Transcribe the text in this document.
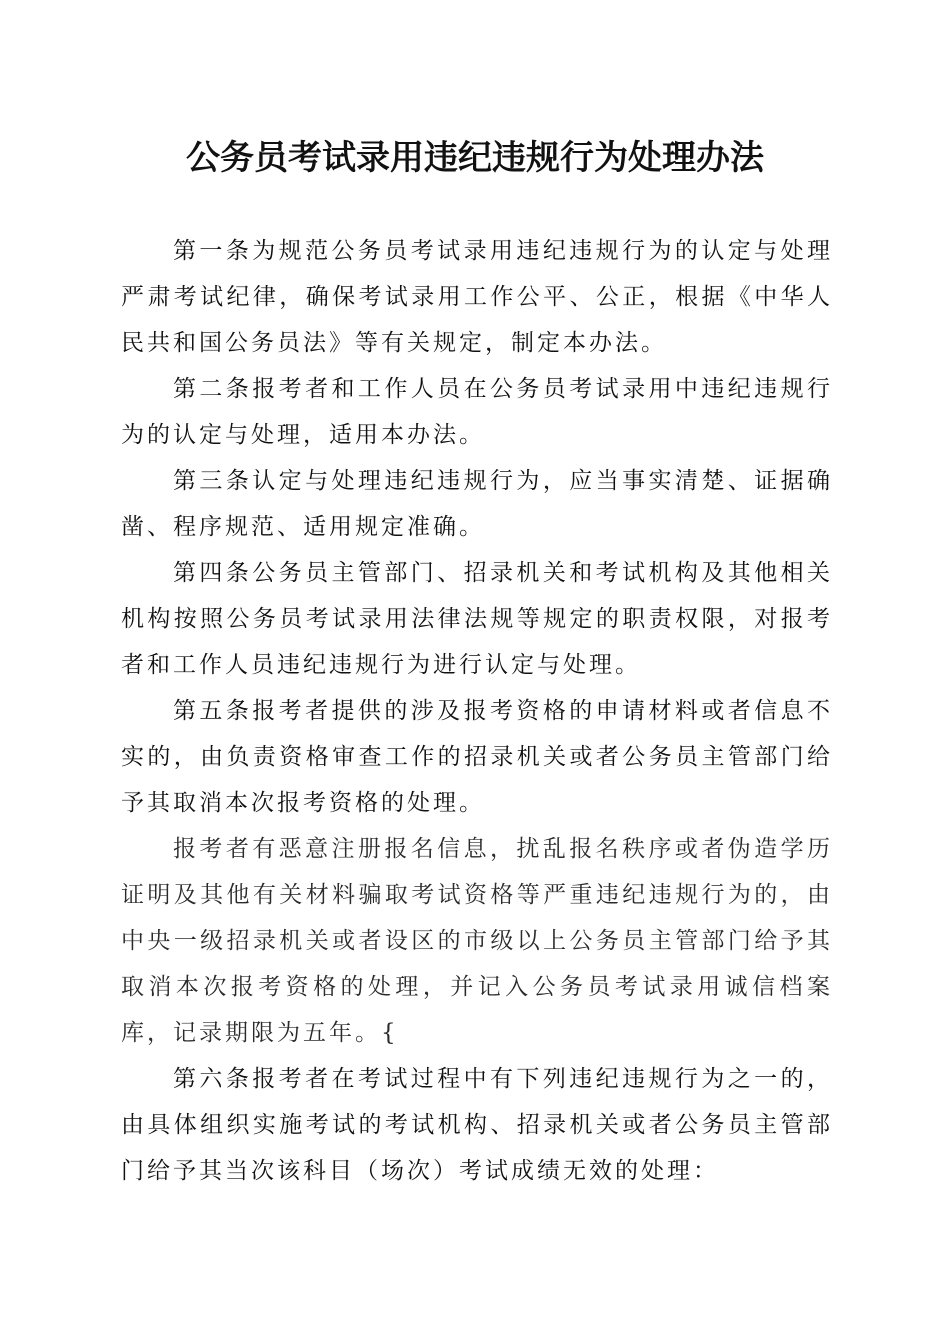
公务员考试录用违纪违规行为处理办法

第一条为规范公务员考试录用违纪违规行为的认定与处理严肃考试纪律，确保考试录用工作公平、公正，根据《中华人民共和国公务员法》等有关规定，制定本办法。

第二条报考者和工作人员在公务员考试录用中违纪违规行为的认定与处理，适用本办法。

第三条认定与处理违纪违规行为，应当事实清楚、证据确凿、程序规范、适用规定准确。

第四条公务员主管部门、招录机关和考试机构及其他相关机构按照公务员考试录用法律法规等规定的职责权限，对报考者和工作人员违纪违规行为进行认定与处理。

第五条报考者提供的涉及报考资格的申请材料或者信息不实的，由负责资格审查工作的招录机关或者公务员主管部门给予其取消本次报考资格的处理。

报考者有恶意注册报名信息，扰乱报名秩序或者伪造学历证明及其他有关材料骗取考试资格等严重违纪违规行为的，由中央一级招录机关或者设区的市级以上公务员主管部门给予其取消本次报考资格的处理，并记入公务员考试录用诚信档案库，记录期限为五年。{

第六条报考者在考试过程中有下列违纪违规行为之一的，由具体组织实施考试的考试机构、招录机关或者公务员主管部门给予其当次该科目（场次）考试成绩无效的处理：
